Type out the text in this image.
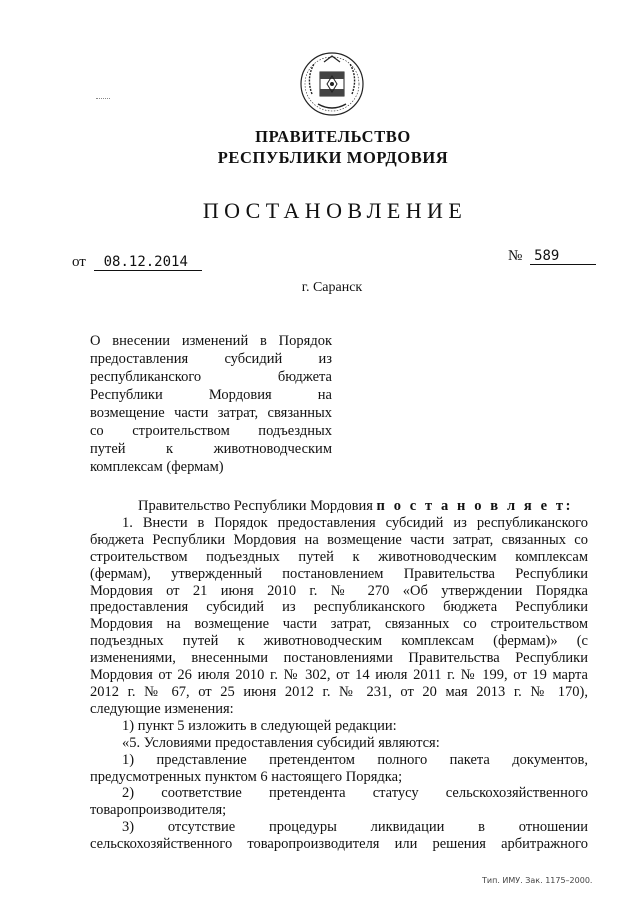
ПРАВИТЕЛЬСТВО
РЕСПУБЛИКИ МОРДОВИЯ
ПОСТАНОВЛЕНИЕ
от 08.12.2014	№ 589
г. Саранск
О внесении изменений в Порядок
предоставления субсидий из
республиканского бюджета
Республики Мордовия на
возмещение части затрат, связанных
со строительством подъездных
путей к животноводческим
комплексам (фермам)
Правительство Республики Мордовия п о с т а н о в л я е т:
1. Внести в Порядок предоставления субсидий из республиканского
бюджета Республики Мордовия на возмещение части затрат, связанных со
строительством подъездных путей к животноводческим комплексам
(фермам), утвержденный постановлением Правительства Республики
Мордовия от 21 июня 2010 г. № 270 «Об утверждении Порядка
предоставления субсидий из республиканского бюджета Республики
Мордовия на возмещение части затрат, связанных со строительством
подъездных путей к животноводческим комплексам (фермам)» (с
изменениями, внесенными постановлениями Правительства Республики
Мордовия от 26 июля 2010 г. № 302, от 14 июля 2011 г. № 199, от 19 марта
2012 г. № 67, от 25 июня 2012 г. № 231, от 20 мая 2013 г. № 170),
следующие изменения:
1) пункт 5 изложить в следующей редакции:
«5. Условиями предоставления субсидий являются:
1) представление претендентом полного пакета документов,
предусмотренных пунктом 6 настоящего Порядка;
2) соответствие претендента статусу сельскохозяйственного
товаропроизводителя;
3) отсутствие процедуры ликвидации в отношении
сельскохозяйственного товаропроизводителя или решения арбитражного
Тип. ИМУ. Зак. 1175–2000.
